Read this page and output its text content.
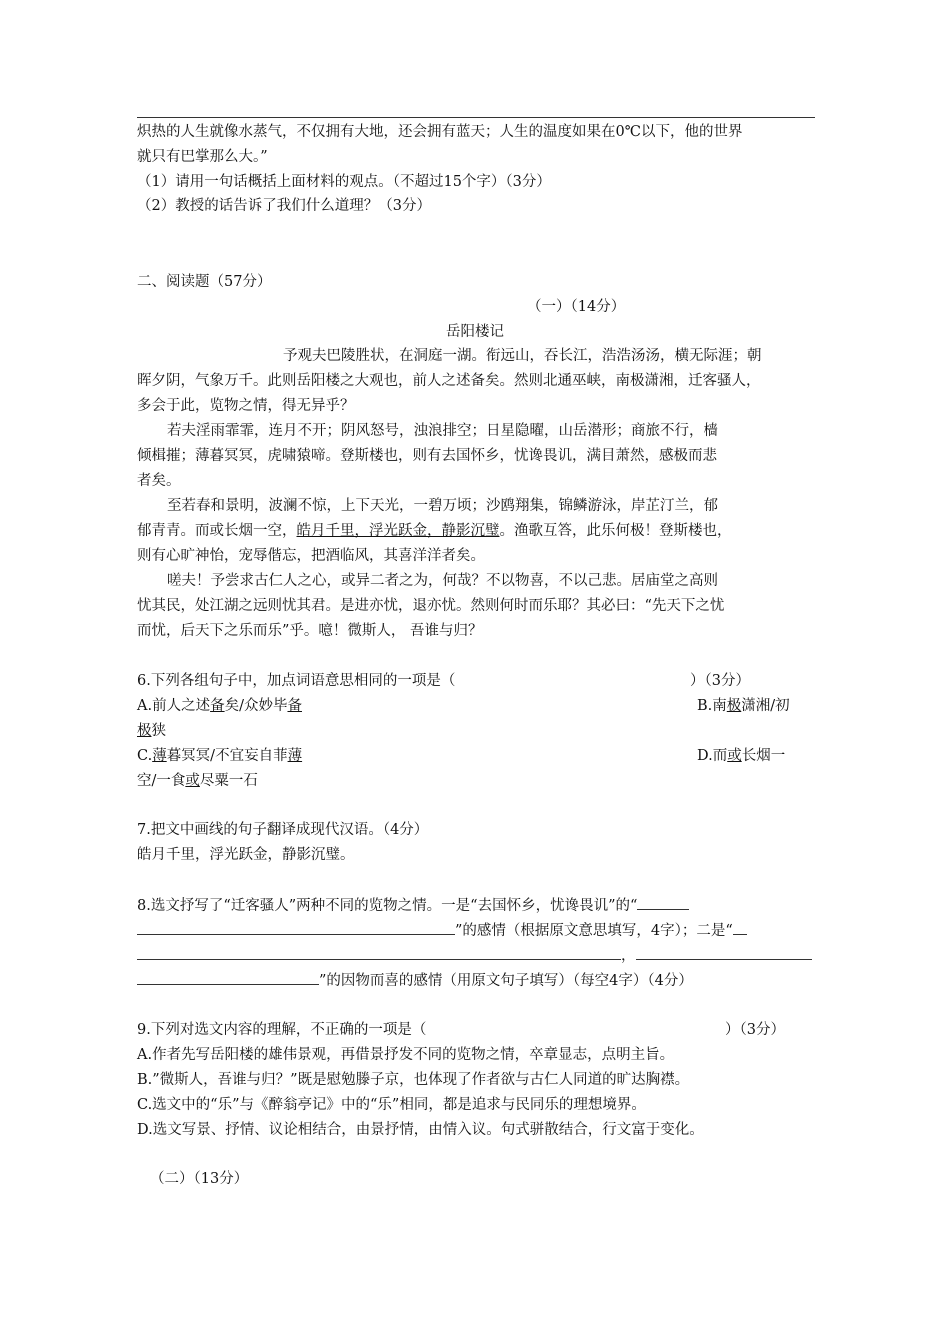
炽热的人生就像水蒸气，不仅拥有大地，还会拥有蓝天；人生的温度如果在0℃以下，他的世界
就只有巴掌那么大。”
（1）请用一句话概括上面材料的观点。（不超过15个字）（3分）
（2）教授的话告诉了我们什么道理？（3分）
二、阅读题（57分）
（一）（14分）
岳阳楼记
予观夫巴陵胜状，在洞庭一湖。衔远山，吞长江，浩浩汤汤，横无际涯；朝
晖夕阴，气象万千。此则岳阳楼之大观也，前人之述备矣。然则北通巫峡，南极潇湘，迁客骚人，
多会于此，览物之情，得无异乎？
若夫淫雨霏霏，连月不开；阴风怒号，浊浪排空；日星隐曜，山岳潜形；商旅不行，樯
倾楫摧；薄暮冥冥，虎啸猿啼。登斯楼也，则有去国怀乡，忧谗畏讥，满目萧然，感极而悲
者矣。
至若春和景明，波澜不惊，上下天光，一碧万顷；沙鸥翔集，锦鳞游泳，岸芷汀兰，郁
郁青青。而或长烟一空，皓月千里，浮光跃金，静影沉璧。渔歌互答，此乐何极！登斯楼也，
则有心旷神怡，宠辱偕忘，把酒临风，其喜洋洋者矣。
嗟夫！予尝求古仁人之心，或异二者之为，何哉？不以物喜，不以己悲。居庙堂之高则
忧其民，处江湖之远则忧其君。是进亦忧，退亦忧。然则何时而乐耶？其必曰：“先天下之忧
而忧，后天下之乐而乐”乎。噫！微斯人， 吾谁与归？
6.下列各组句子中，加点词语意思相同的一项是（	）（3分）
A.前人之述备矣/众妙毕备	B.南极潇湘/初
极狭
C.薄暮冥冥/不宜妄自菲薄	D.而或长烟一
空/一食或尽粟一石
7.把文中画线的句子翻译成现代汉语。（4分）
皓月千里，浮光跃金，静影沉璧。
8.选文抒写了“迁客骚人”两种不同的览物之情。一是“去国怀乡，忧谗畏讥”的“
”的感情（根据原文意思填写，4字）；二是“
，
”的因物而喜的感情（用原文句子填写）（每空4字）（4分）
9.下列对选文内容的理解，不正确的一项是（	）（3分）
A.作者先写岳阳楼的雄伟景观，再借景抒发不同的览物之情，卒章显志，点明主旨。
B.”微斯人，吾谁与归？”既是慰勉滕子京，也体现了作者欲与古仁人同道的旷达胸襟。
C.选文中的“乐”与《醉翁亭记》中的“乐”相同，都是追求与民同乐的理想境界。
D.选文写景、抒情、议论相结合，由景抒情，由情入议。句式骈散结合，行文富于变化。
（二）（13分）
